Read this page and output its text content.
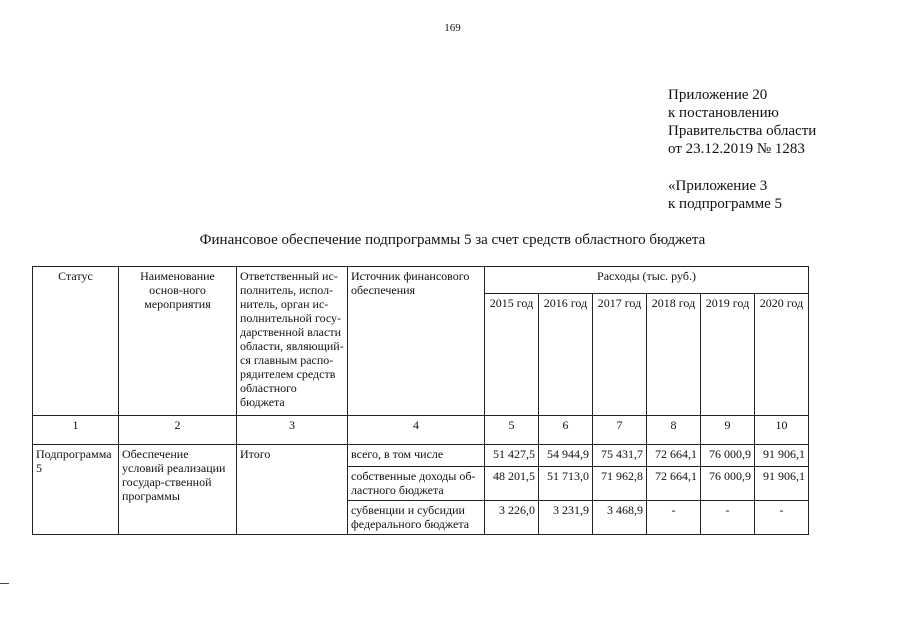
169
Приложение 20
к постановлению
Правительства области
от 23.12.2019 № 1283
«Приложение 3
к подпрограмме 5
Финансовое обеспечение подпрограммы 5 за счет средств областного бюджета
Статус	Наименование основ-ного мероприятия	Ответственный ис-полнитель, испол-нитель, орган ис-полнительной госу-дарственной власти области, являющий-ся главным распо-рядителем средств областного бюджета	Источник финансового обеспечения	Расходы (тыс. руб.)					
				2015 год	2016 год	2017 год	2018 год	2019 год	2020 год
1	2	3	4	5	6	7	8	9	10
Подпрограмма 5	Обеспечение условий реализации государ-ственной программы	Итого	всего, в том числе	51 427,5	54 944,9	75 431,7	72 664,1	76 000,9	91 906,1
			собственные доходы об-ластного бюджета	48 201,5	51 713,0	71 962,8	72 664,1	76 000,9	91 906,1
			субвенции и субсидии федерального бюджета	3 226,0	3 231,9	3 468,9	-	-	-
